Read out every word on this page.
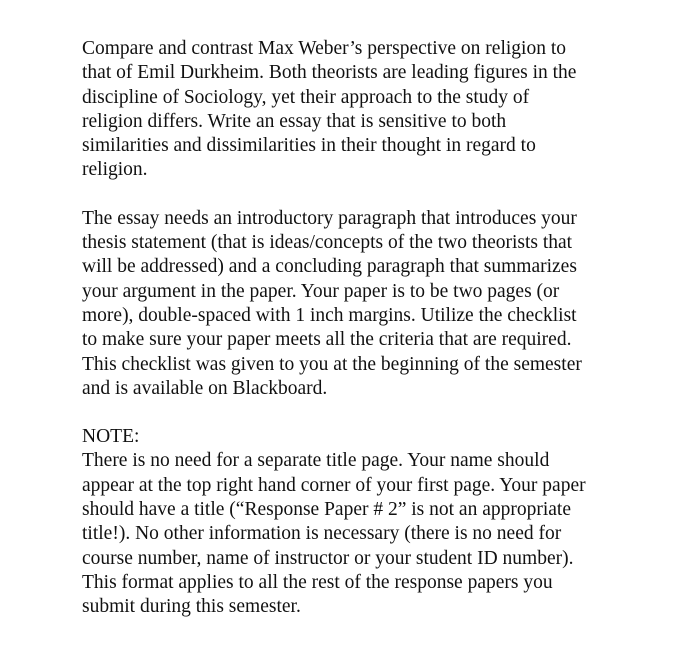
Compare and contrast Max Weber’s perspective on religion to
that of Emil Durkheim. Both theorists are leading figures in the
discipline of Sociology, yet their approach to the study of
religion differs. Write an essay that is sensitive to both
similarities and dissimilarities in their thought in regard to
religion.

The essay needs an introductory paragraph that introduces your
thesis statement (that is ideas/concepts of the two theorists that
will be addressed) and a concluding paragraph that summarizes
your argument in the paper. Your paper is to be two pages (or
more), double-spaced with 1 inch margins. Utilize the checklist
to make sure your paper meets all the criteria that are required.
This checklist was given to you at the beginning of the semester
and is available on Blackboard.

NOTE:
There is no need for a separate title page. Your name should
appear at the top right hand corner of your first page. Your paper
should have a title (“Response Paper # 2” is not an appropriate
title!). No other information is necessary (there is no need for
course number, name of instructor or your student ID number).
This format applies to all the rest of the response papers you
submit during this semester.
